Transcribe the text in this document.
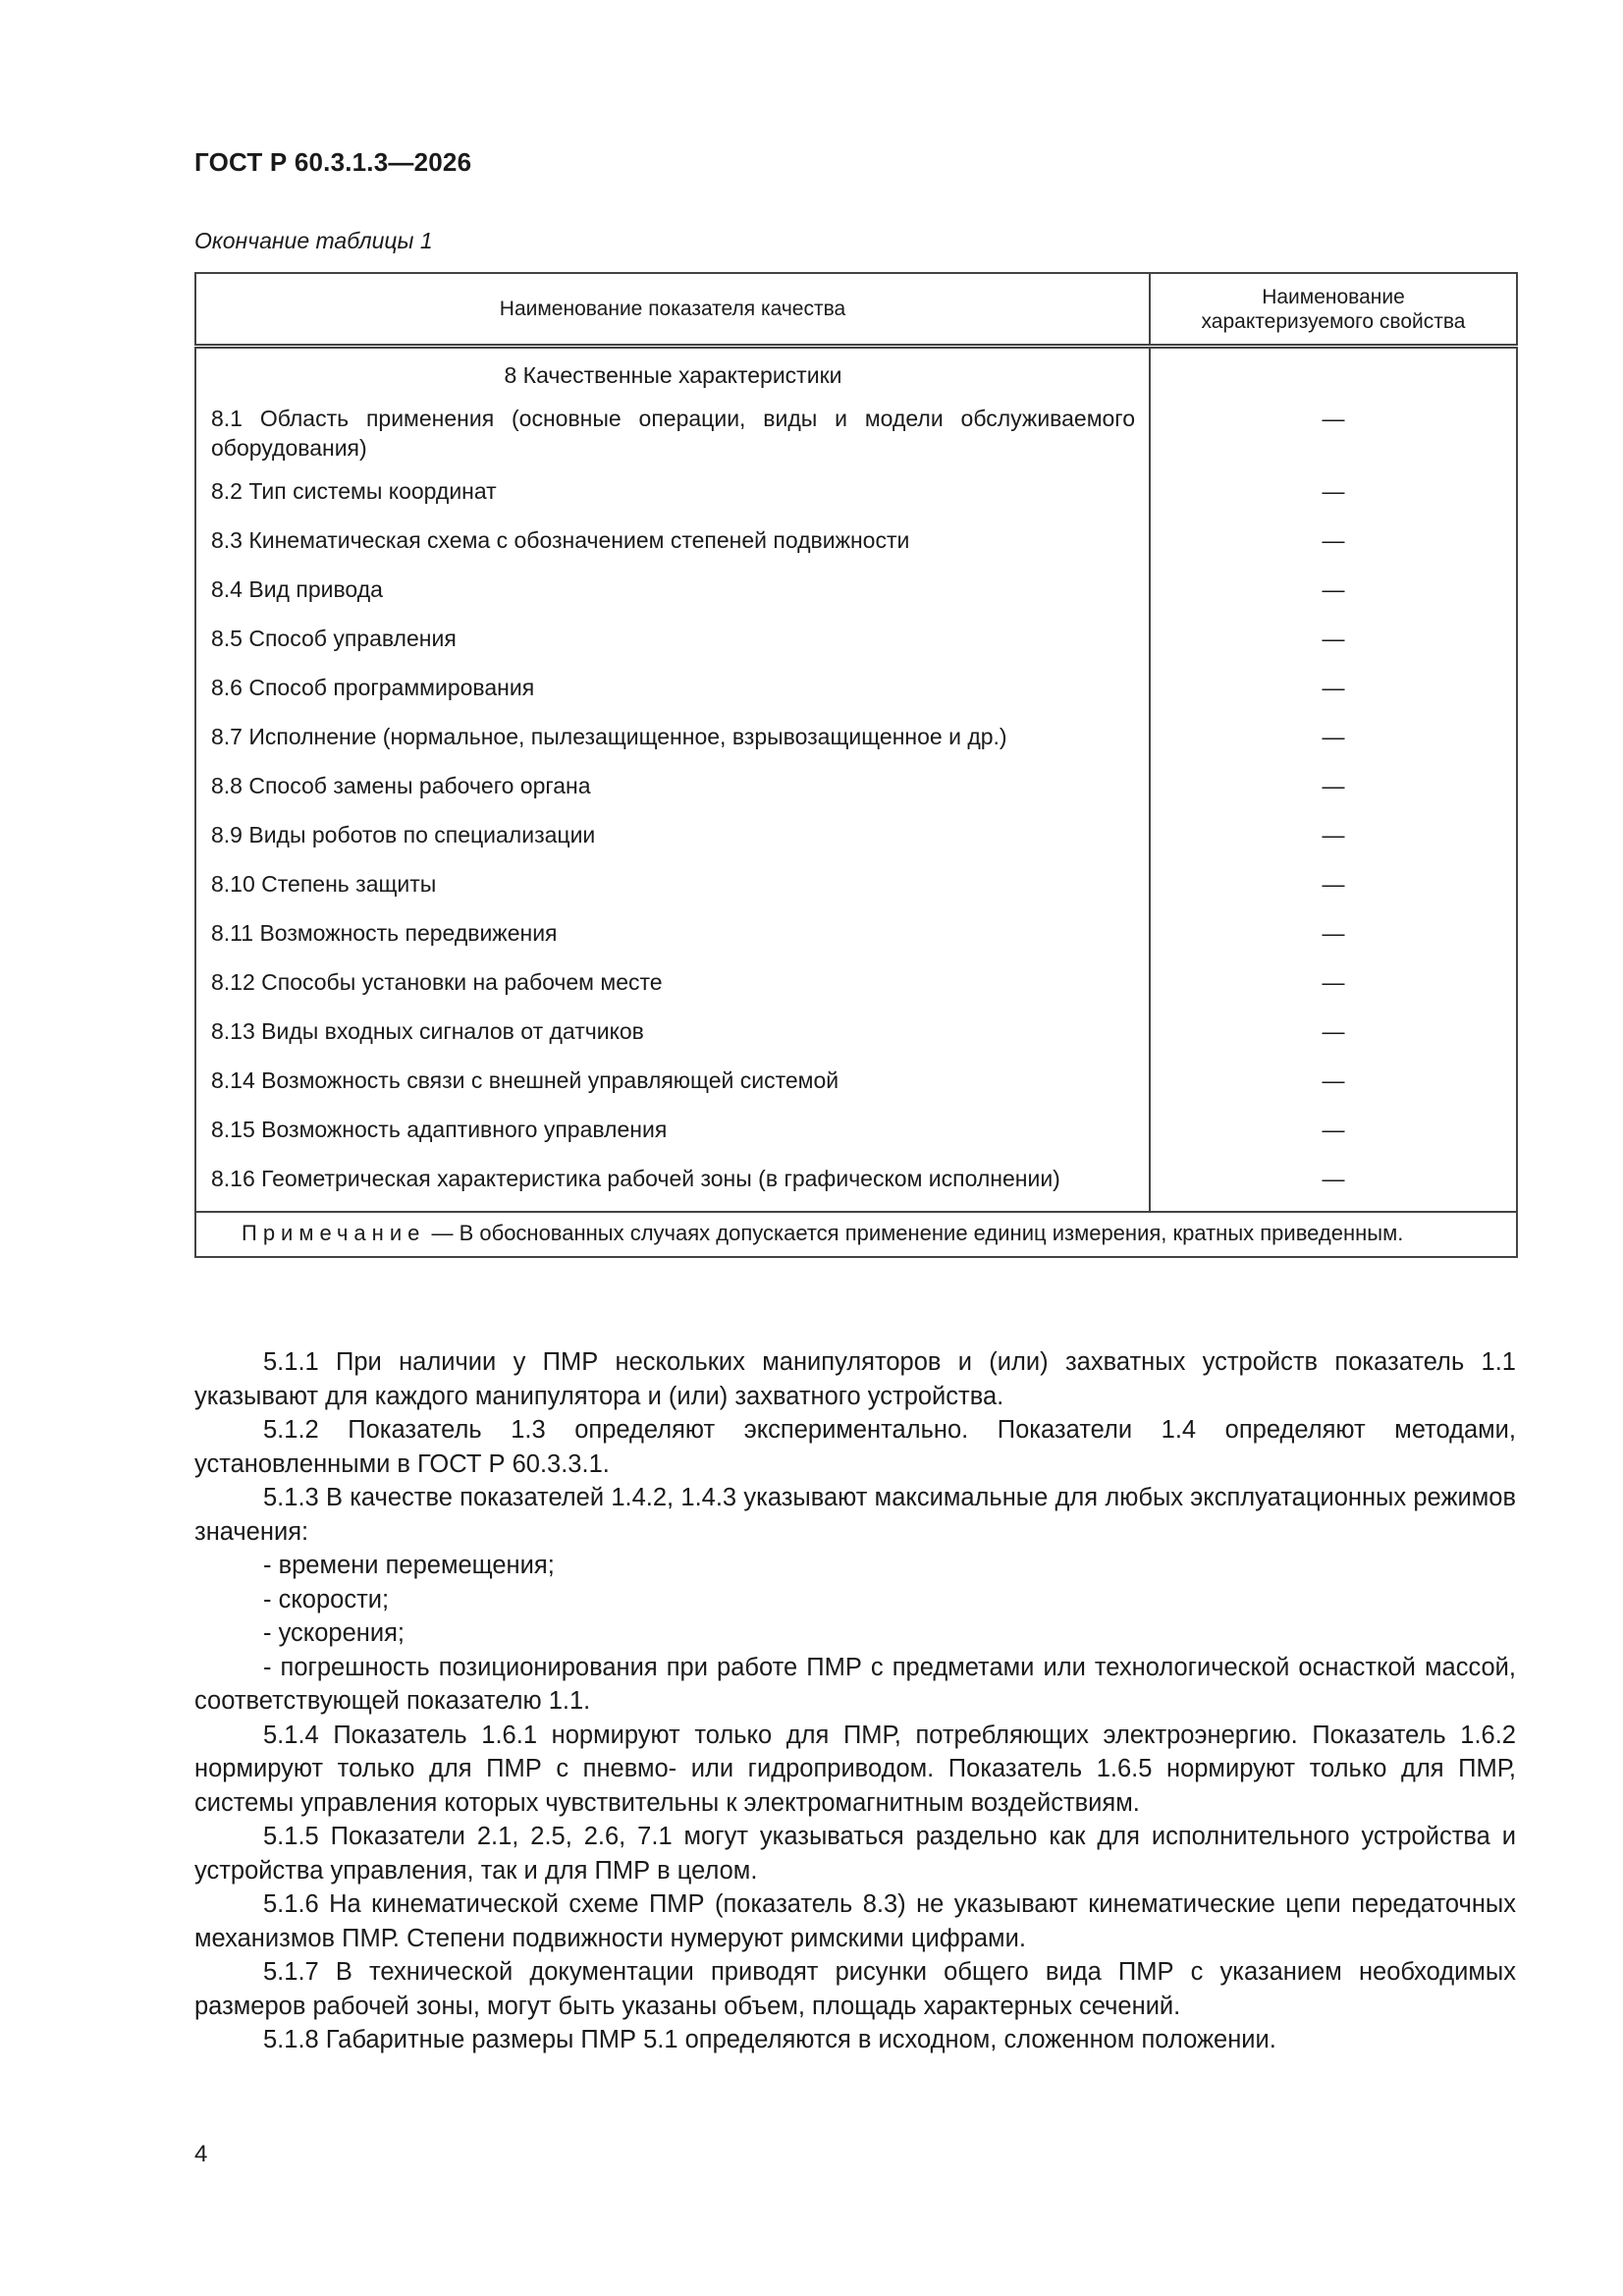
ГОСТ Р 60.3.1.3—2026
Окончание таблицы 1
Наименование показателя качества	Наименование
характеризуемого свойства

8 Качественные характеристики	
8.1 Область применения (основные операции, виды и модели обслуживаемого оборудования)	—
8.2 Тип системы координат	—
8.3 Кинематическая схема с обозначением степеней подвижности	—
8.4 Вид привода	—
8.5 Способ управления	—
8.6 Способ программирования	—
8.7 Исполнение (нормальное, пылезащищенное, взрывозащищенное и др.)	—
8.8 Способ замены рабочего органа	—
8.9 Виды роботов по специализации	—
8.10 Степень защиты	—
8.11 Возможность передвижения	—
8.12 Способы установки на рабочем месте	—
8.13 Виды входных сигналов от датчиков	—
8.14 Возможность связи с внешней управляющей системой	—
8.15 Возможность адаптивного управления	—
8.16 Геометрическая характеристика рабочей зоны (в графическом исполнении)	—
Примечание — В обоснованных случаях допускается применение единиц измерения, кратных приведенным.	

5.1.1 При наличии у ПМР нескольких манипуляторов и (или) захватных устройств показатель 1.1 указывают для каждого манипулятора и (или) захватного устройства.

5.1.2 Показатель 1.3 определяют экспериментально. Показатели 1.4 определяют методами, установленными в ГОСТ Р 60.3.3.1.

5.1.3 В качестве показателей 1.4.2, 1.4.3 указывают максимальные для любых эксплуатационных режимов значения:

- времени перемещения;

- скорости;

- ускорения;

- погрешность позиционирования при работе ПМР с предметами или технологической оснасткой массой, соответствующей показателю 1.1.

5.1.4 Показатель 1.6.1 нормируют только для ПМР, потребляющих электроэнергию. Показатель 1.6.2 нормируют только для ПМР с пневмо- или гидроприводом. Показатель 1.6.5 нормируют только для ПМР, системы управления которых чувствительны к электромагнитным воздействиям.

5.1.5 Показатели 2.1, 2.5, 2.6, 7.1 могут указываться раздельно как для исполнительного устройства и устройства управления, так и для ПМР в целом.

5.1.6 На кинематической схеме ПМР (показатель 8.3) не указывают кинематические цепи передаточных механизмов ПМР. Степени подвижности нумеруют римскими цифрами.

5.1.7 В технической документации приводят рисунки общего вида ПМР с указанием необходимых размеров рабочей зоны, могут быть указаны объем, площадь характерных сечений.

5.1.8 Габаритные размеры ПМР 5.1 определяются в исходном, сложенном положении.

4
